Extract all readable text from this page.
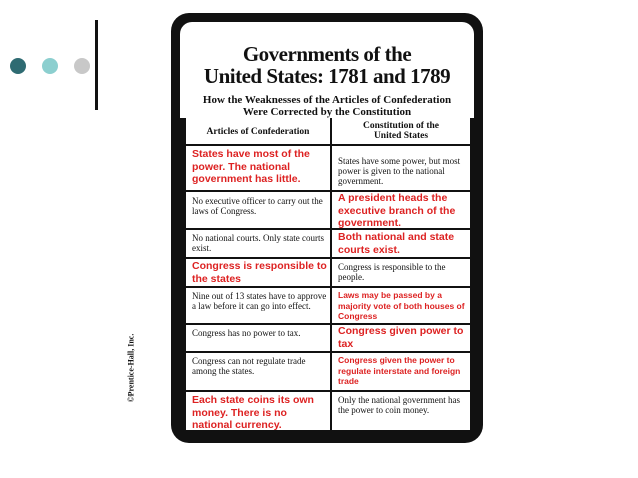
©Prentice-Hall, Inc.
Governments of the
United States: 1781 and 1789
How the Weaknesses of the Articles of Confederation
Were Corrected by the Constitution
Articles of Confederation
Constitution of the
United States
States have most of the power. The national government has little.
States have some power, but most power is given to the national government.
No executive officer to carry out the laws of Congress.
A president heads the executive branch of the government.
No national courts. Only state courts exist.
Both national and state courts exist.
Congress is responsible to the states
Congress is responsible to the people.
Nine out of 13 states have to approve a law before it can go into effect.
Laws may be passed by a majority vote of both houses of Congress
Congress has no power to tax.	Congress given power to tax
Congress can not regulate trade among the states.
Congress given the power to regulate interstate and foreign trade
Each state coins its own money. There is no national currency.
Only the national government has the power to coin money.
